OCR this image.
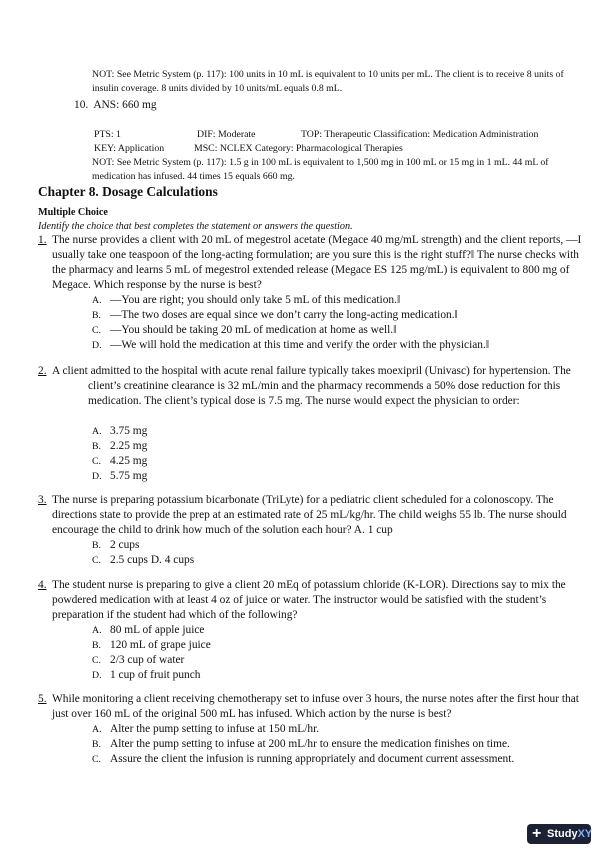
NOT: See Metric System (p. 117): 100 units in 10 mL is equivalent to 10 units per mL. The client is to receive 8 units of insulin coverage. 8 units divided by 10 units/mL equals 0.8 mL.

10. ANS: 660 mg

PTS: 1	DIF: Moderate	TOP: Therapeutic Classification: Medication Administration

KEY: Application	MSC: NCLEX Category: Pharmacological Therapies

NOT: See Metric System (p. 117): 1.5 g in 100 mL is equivalent to 1,500 mg in 100 mL or 15 mg in 1 mL. 44 mL of medication has infused. 44 times 15 equals 660 mg.

Chapter 8. Dosage Calculations
Multiple Choice

Identify the choice that best completes the statement or answers the question.

1. The nurse provides a client with 20 mL of megestrol acetate (Megace 40 mg/mL strength) and the client reports, —I usually take one teaspoon of the long-acting formulation; are you sure this is the right stuff?‖ The nurse checks with the pharmacy and learns 5 mL of megestrol extended release (Megace ES 125 mg/mL) is equivalent to 800 mg of Megace. Which response by the nurse is best?
A. —You are right; you should only take 5 mL of this medication.‖
B. —The two doses are equal since we don’t carry the long-acting medication.‖
C. —You should be taking 20 mL of medication at home as well.‖
D. —We will hold the medication at this time and verify the order with the physician.‖
2. A client admitted to the hospital with acute renal failure typically takes moexipril (Univasc) for hypertension. The client’s creatinine clearance is 32 mL/min and the pharmacy recommends a 50% dose reduction for this medication. The client’s typical dose is 7.5 mg. The nurse would expect the physician to order:
A. 3.75 mg
B. 2.25 mg
C. 4.25 mg
D. 5.75 mg
3. The nurse is preparing potassium bicarbonate (TriLyte) for a pediatric client scheduled for a colonoscopy. The directions state to provide the prep at an estimated rate of 25 mL/kg/hr. The child weighs 55 lb. The nurse should encourage the child to drink how much of the solution each hour? A. 1 cup
B. 2 cups
C. 2.5 cups D. 4 cups
4. The student nurse is preparing to give a client 20 mEq of potassium chloride (K-LOR). Directions say to mix the powdered medication with at least 4 oz of juice or water. The instructor would be satisfied with the student’s preparation if the student had which of the following?
A. 80 mL of apple juice
B. 120 mL of grape juice
C. 2/3 cup of water
D. 1 cup of fruit punch
5. While monitoring a client receiving chemotherapy set to infuse over 3 hours, the nurse notes after the first hour that just over 160 mL of the original 500 mL has infused. Which action by the nurse is best?
A. Alter the pump setting to infuse at 150 mL/hr.
B. Alter the pump setting to infuse at 200 mL/hr to ensure the medication finishes on time.
C. Assure the client the infusion is running appropriately and document current assessment.
+ StudyXY
